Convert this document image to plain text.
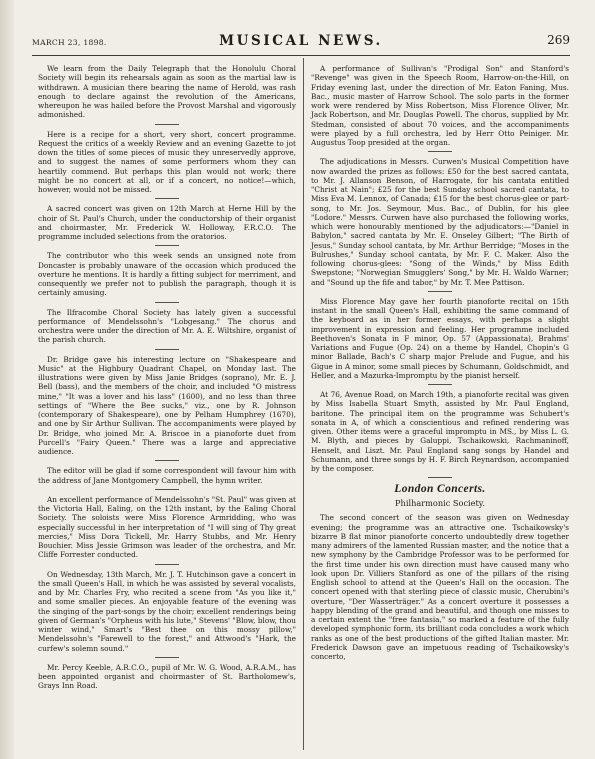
MARCH 23, 1898.	MUSICAL NEWS.	269

We learn from the Daily Telegraph that the Honolulu Choral Society will begin its rehearsals again as soon as the martial law is withdrawn. A musician there bearing the name of Herold, was rash enough to declare against the revolution of the Americans, whereupon he was hailed before the Provost Marshal and vigorously admonished.

Here is a recipe for a short, very short, concert programme. Request the critics of a weekly Review and an evening Gazette to jot down the titles of some pieces of music they unreservedly approve, and to suggest the names of some performers whom they can heartily commend. But perhaps this plan would not work; there might be no concert at all, or if a concert, no notice!—which, however, would not be missed.

A sacred concert was given on 12th March at Herne Hill by the choir of St. Paul's Church, under the conductorship of their organist and choirmaster, Mr. Frederick W. Holloway, F.R.C.O. The programme included selections from the oratorios.

The contributor who this week sends an unsigned note from Doncaster is probably unaware of the occasion which produced the overture he mentions. It is hardly a fitting subject for merriment, and consequently we prefer not to publish the paragraph, though it is certainly amusing.

The Ilfracombe Choral Society has lately given a successful performance of Mendelssohn's "Lobgesang." The chorus and orchestra were under the direction of Mr. A. E. Wiltshire, organist of the parish church.

Dr. Bridge gave his interesting lecture on "Shakespeare and Music" at the Highbury Quadrant Chapel, on Monday last. The illustrations were given by Miss Janie Bridges (soprano), Mr. E. J. Bell (bass), and the members of the choir, and included "O mistress mine," "It was a lover and his lass" (1600), and no less than three settings of "Where the Bee sucks," viz., one by R. Johnson (contemporary of Shakespeare), one by Pelham Humphrey (1670), and one by Sir Arthur Sullivan. The accompaniments were played by Dr. Bridge, who joined Mr. A. Briscoe in a pianoforte duet from Purcell's "Fairy Queen." There was a large and appreciative audience.

The editor will be glad if some correspondent will favour him with the address of Jane Montgomery Campbell, the hymn writer.

An excellent performance of Mendelssohn's "St. Paul" was given at the Victoria Hall, Ealing, on the 12th instant, by the Ealing Choral Society. The soloists were Miss Florence Armridding, who was especially successful in her interpretation of "I will sing of Thy great mercies," Miss Dora Tickell, Mr. Harry Stubbs, and Mr. Henry Bouchier. Miss Jessie Grimson was leader of the orchestra, and Mr. Cliffe Forrester conducted.

On Wednesday, 13th March, Mr. J. T. Hutchinson gave a concert in the small Queen's Hall, in which he was assisted by several vocalists, and by Mr. Charles Fry, who recited a scene from "As you like it," and some smaller pieces. An enjoyable feature of the evening was the singing of the part-songs by the choir; excellent renderings being given of German's "Orpheus with his lute," Stevens' "Blow, blow, thou winter wind," Smart's "Best thee on this mossy pillow," Mendelssohn's "Farewell to the forest," and Attwood's "Hark, the curfew's solemn sound."

Mr. Percy Keeble, A.R.C.O., pupil of Mr. W. G. Wood, A.R.A.M., has been appointed organist and choirmaster of St. Bartholomew's, Grays Inn Road.

A performance of Sullivan's "Prodigal Son" and Stanford's "Revenge" was given in the Speech Room, Harrow-on-the-Hill, on Friday evening last, under the direction of Mr. Eaton Faning, Mus. Bac., music master of Harrow School. The solo parts in the former work were rendered by Miss Robertson, Miss Florence Oliver, Mr. Jack Robertson, and Mr. Douglas Powell. The chorus, supplied by Mr. Stedman, consisted of about 70 voices, and the accompaniments were played by a full orchestra, led by Herr Otto Peiniger. Mr. Augustus Toop presided at the organ.

The adjudications in Messrs. Curwen's Musical Competition have now awarded the prizes as follows: £50 for the best sacred cantata, to Mr. J. Allanson Benson, of Harrogate, for his cantata entitled "Christ at Nain"; £25 for the best Sunday school sacred cantata, to Miss Eva M. Lennox, of Canada; £15 for the best chorus-glee or part-song, to Mr. Jos. Seymour, Mus. Bac., of Dublin, for his glee "Lodore." Messrs. Curwen have also purchased the following works, which were honourably mentioned by the adjudicators:—"Daniel in Babylon," sacred cantata by Mr. E. Onseley Gilbert; "The Birth of Jesus," Sunday school cantata, by Mr. Arthur Berridge; "Moses in the Bulrushes," Sunday school cantata, by Mr. F. C. Maker. Also the following chorus-glees: "Song of the Winds," by Miss Edith Swepstone; "Norwegian Smugglers' Song," by Mr. H. Waldo Warner; and "Sound up the fife and tabor," by Mr. T. Mee Pattison.

Miss Florence May gave her fourth pianoforte recital on 15th instant in the small Queen's Hall, exhibiting the same command of the keyboard as in her former essays, with perhaps a slight improvement in expression and feeling. Her programme included Beethoven's Sonata in F minor, Op. 57 (Appassionata), Brahms' Variations and Fugue (Op. 24) on a theme by Handel, Chopin's G minor Ballade, Bach's C sharp major Prelude and Fugue, and his Gigue in A minor, some small pieces by Schumann, Goldschmidt, and Heller, and a Mazurka-Impromptu by the pianist herself.

At 76, Avenue Road, on March 19th, a pianoforte recital was given by Miss Isabella Stuart Smyth, assisted by Mr. Paul England, baritone. The principal item on the programme was Schubert's sonata in A, of which a conscientious and refined rendering was given. Other items were a graceful impromptu in MS., by Miss L. G. M. Blyth, and pieces by Galuppi, Tschaikowski, Rachmaninoff, Henselt, and Liszt. Mr. Paul England sang songs by Handel and Schumann, and three songs by H. F. Birch Reynardson, accompanied by the composer.

London Concerts.
Philharmonic Society.

The second concert of the season was given on Wednesday evening; the programme was an attractive one. Tschaikowsky's bizarre B flat minor pianoforte concerto undoubtedly drew together many admirers of the lamented Russian master, and the notice that a new symphony by the Cambridge Professor was to be performed for the first time under his own direction must have caused many who look upon Dr. Villiers Stanford as one of the pillars of the rising English school to attend at the Queen's Hall on the occasion. The concert opened with that sterling piece of classic music, Cherubini's overture, "Der Wasserträger." As a concert overture it possesses a happy blending of the grand and beautiful, and though one misses to a certain extent the "free fantasia," so marked a feature of the fully developed symphonic form, its brilliant coda concludes a work which ranks as one of the best productions of the gifted Italian master. Mr. Frederick Dawson gave an impetuous reading of Tschaikowsky's concerto,
